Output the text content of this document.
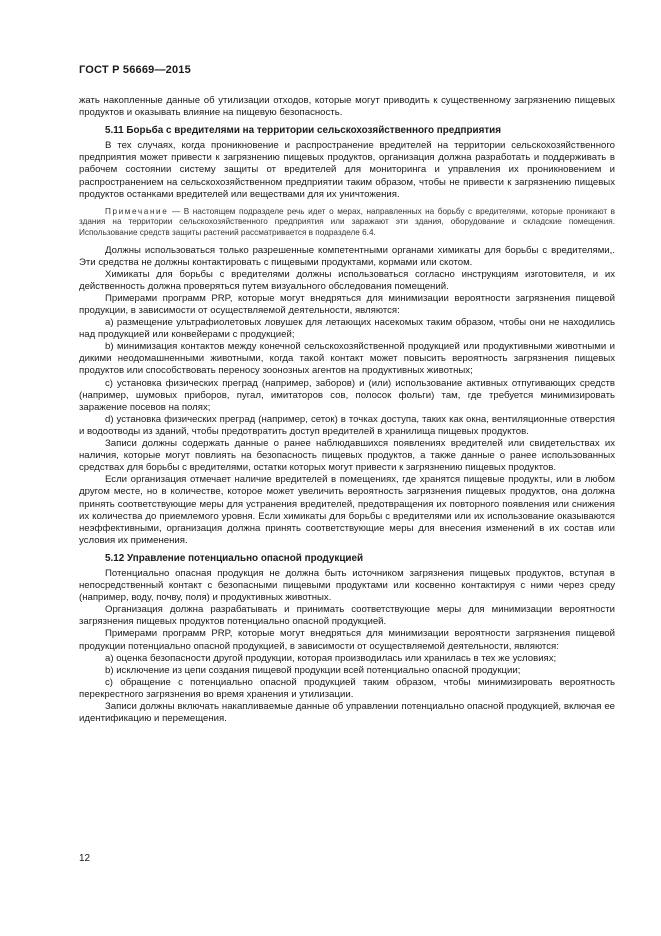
ГОСТ Р 56669—2015

жать накопленные данные об утилизации отходов, которые могут приводить к существенному загрязнению пищевых продуктов и оказывать влияние на пищевую безопасность.

5.11 Борьба с вредителями на территории сельскохозяйственного предприятия

В тех случаях, когда проникновение и распространение вредителей на территории сельскохозяйственного предприятия может привести к загрязнению пищевых продуктов, организация должна разработать и поддерживать в рабочем состоянии систему защиты от вредителей для мониторинга и управления их проникновением и распространением на сельскохозяйственном предприятии таким образом, чтобы не привести к загрязнению пищевых продуктов останками вредителей или веществами для их уничтожения.

Примечание — В настоящем подразделе речь идет о мерах, направленных на борьбу с вредителями, которые проникают в здания на территории сельскохозяйственного предприятия или заражают эти здания, оборудование и складские помещения. Использование средств защиты растений рассматривается в подразделе 6.4.

Должны использоваться только разрешенные компетентными органами химикаты для борьбы с вредителями,. Эти средства не должны контактировать с пищевыми продуктами, кормами или скотом.

Химикаты для борьбы с вредителями должны использоваться согласно инструкциям изготовителя, и их действенность должна проверяться путем визуального обследования помещений.

Примерами программ PRP, которые могут внедряться для минимизации вероятности загрязнения пищевой продукции, в зависимости от осуществляемой деятельности, являются:

a) размещение ультрафиолетовых ловушек для летающих насекомых таким образом, чтобы они не находились над продукцией или конвейерами с продукцией;

b) минимизация контактов между конечной сельскохозяйственной продукцией или продуктивными животными и дикими неодомашненными животными, когда такой контакт может повысить вероятность загрязнения пищевых продуктов или способствовать переносу зоонозных агентов на продуктивных животных;

c) установка физических преград (например, заборов) и (или) использование активных отпугивающих средств (например, шумовых приборов, пугал, имитаторов сов, полосок фольги) там, где требуется минимизировать заражение посевов на полях;

d) установка физических преград (например, сеток) в точках доступа, таких как окна, вентиляционные отверстия и водоотводы из зданий, чтобы предотвратить доступ вредителей в хранилища пищевых продуктов.

Записи должны содержать данные о ранее наблюдавшихся появлениях вредителей или свидетельствах их наличия, которые могут повлиять на безопасность пищевых продуктов, а также данные о ранее использованных средствах для борьбы с вредителями, остатки которых могут привести к загрязнению пищевых продуктов.

Если организация отмечает наличие вредителей в помещениях, где хранятся пищевые продукты, или в любом другом месте, но в количестве, которое может увеличить вероятность загрязнения пищевых продуктов, она должна принять соответствующие меры для устранения вредителей, предотвращения их повторного появления или снижения их количества до приемлемого уровня. Если химикаты для борьбы с вредителями или их использование оказываются неэффективными, организация должна принять соответствующие меры для внесения изменений в их состав или условия их применения.

5.12 Управление потенциально опасной продукцией

Потенциально опасная продукция не должна быть источником загрязнения пищевых продуктов, вступая в непосредственный контакт с безопасными пищевыми продуктами или косвенно контактируя с ними через среду (например, воду, почву, поля) и продуктивных животных.

Организация должна разрабатывать и принимать соответствующие меры для минимизации вероятности загрязнения пищевых продуктов потенциально опасной продукцией.

Примерами программ PRP, которые могут внедряться для минимизации вероятности загрязнения пищевой продукции потенциально опасной продукцией, в зависимости от осуществляемой деятельности, являются:

a) оценка безопасности другой продукции, которая производилась или хранилась в тех же условиях;

b) исключение из цепи создания пищевой продукции всей потенциально опасной продукции;

c) обращение с потенциально опасной продукцией таким образом, чтобы минимизировать вероятность перекрестного загрязнения во время хранения и утилизации.

Записи должны включать накапливаемые данные об управлении потенциально опасной продукцией, включая ее идентификацию и перемещения.

12
